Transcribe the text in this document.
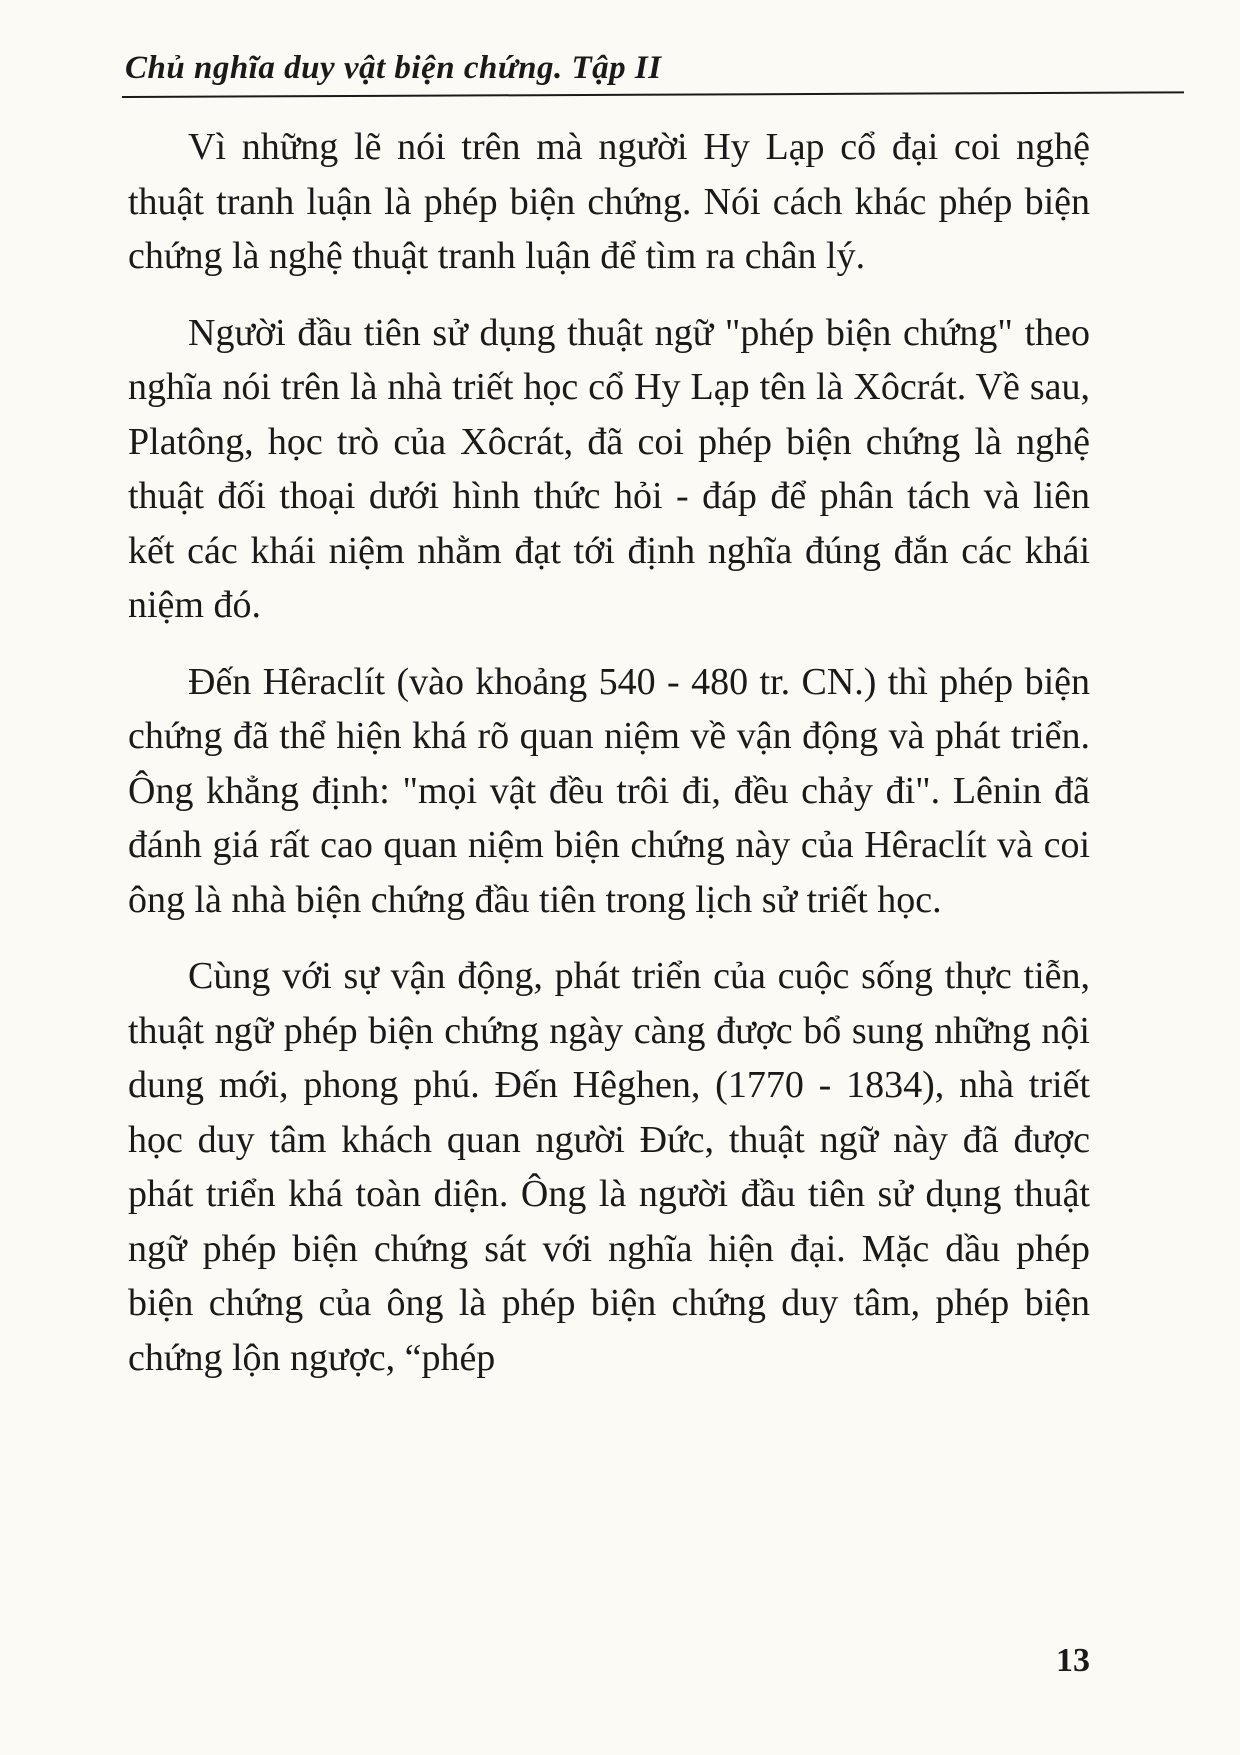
Chủ nghĩa duy vật biện chứng. Tập II

Vì những lẽ nói trên mà người Hy Lạp cổ đại coi nghệ thuật tranh luận là phép biện chứng. Nói cách khác phép biện chứng là nghệ thuật tranh luận để tìm ra chân lý.

Người đầu tiên sử dụng thuật ngữ "phép biện chứng" theo nghĩa nói trên là nhà triết học cổ Hy Lạp tên là Xôcrát. Về sau, Platông, học trò của Xôcrát, đã coi phép biện chứng là nghệ thuật đối thoại dưới hình thức hỏi - đáp để phân tách và liên kết các khái niệm nhằm đạt tới định nghĩa đúng đắn các khái niệm đó.

Đến Hêraclít (vào khoảng 540 - 480 tr. CN.) thì phép biện chứng đã thể hiện khá rõ quan niệm về vận động và phát triển. Ông khẳng định: "mọi vật đều trôi đi, đều chảy đi". Lênin đã đánh giá rất cao quan niệm biện chứng này của Hêraclít và coi ông là nhà biện chứng đầu tiên trong lịch sử triết học.

Cùng với sự vận động, phát triển của cuộc sống thực tiễn, thuật ngữ phép biện chứng ngày càng được bổ sung những nội dung mới, phong phú. Đến Hêghen, (1770 - 1834), nhà triết học duy tâm khách quan người Đức, thuật ngữ này đã được phát triển khá toàn diện. Ông là người đầu tiên sử dụng thuật ngữ phép biện chứng sát với nghĩa hiện đại. Mặc dầu phép biện chứng của ông là phép biện chứng duy tâm, phép biện chứng lộn ngược, “phép

13
